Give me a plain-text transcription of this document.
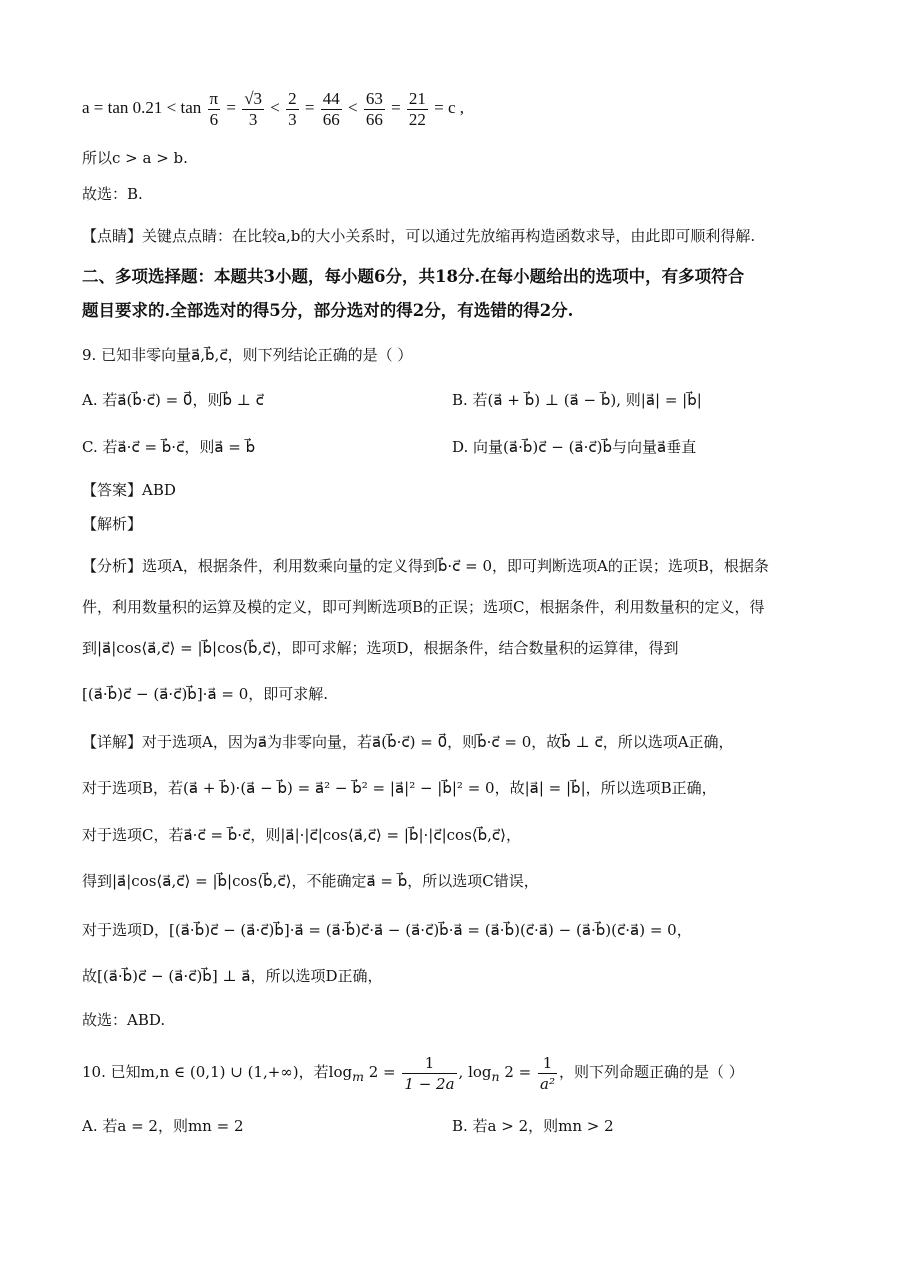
$a = \tan 0.21 < \tan \frac{\pi}{6} = \frac{√3}{3} < \frac{2}{3} = \frac{44}{66} < \frac{63}{66} = \frac{21}{22} = c$ ,
所以c > a > b.
故选：B.
【点睛】关键点点睛：在比较a,b的大小关系时，可以通过先放缩再构造函数求导，由此即可顺利得解.
二、多项选择题：本题共3小题，每小题6分，共18分.在每小题给出的选项中，有多项符合
题目要求的.全部选对的得5分，部分选对的得2分，有选错的得2分.
9. 已知非零向量a⃗,b⃗,c⃗，则下列结论正确的是（ ）
A. 若a⃗(b⃗·c⃗) = 0⃗，则b⃗ ⊥ c⃗	B. 若(a⃗ + b⃗) ⊥ (a⃗ − b⃗), 则|a⃗| = |b⃗|
C. 若a⃗·c⃗ = b⃗·c⃗，则a⃗ = b⃗	D. 向量(a⃗·b⃗)c⃗ − (a⃗·c⃗)b⃗与向量a⃗垂直
【答案】ABD
【解析】
【分析】选项A，根据条件，利用数乘向量的定义得到b⃗·c⃗ = 0，即可判断选项A的正误；选项B，根据条
件，利用数量积的运算及模的定义，即可判断选项B的正误；选项C，根据条件，利用数量积的定义，得
到|a⃗|cos⟨a⃗,c⃗⟩ = |b⃗|cos⟨b⃗,c⃗⟩，即可求解；选项D，根据条件，结合数量积的运算律，得到
[(a⃗·b⃗)c⃗ − (a⃗·c⃗)b⃗]·a⃗ = 0，即可求解.
【详解】对于选项A，因为a⃗为非零向量，若a⃗(b⃗·c⃗) = 0⃗，则b⃗·c⃗ = 0，故b⃗ ⊥ c⃗，所以选项A正确，
对于选项B，若(a⃗ + b⃗)·(a⃗ − b⃗) = a⃗² − b⃗² = |a⃗|² − |b⃗|² = 0，故|a⃗| = |b⃗|，所以选项B正确，
对于选项C，若a⃗·c⃗ = b⃗·c⃗，则|a⃗|·|c⃗|cos⟨a⃗,c⃗⟩ = |b⃗|·|c⃗|cos⟨b⃗,c⃗⟩，
得到|a⃗|cos⟨a⃗,c⃗⟩ = |b⃗|cos⟨b⃗,c⃗⟩，不能确定a⃗ = b⃗，所以选项C错误，
对于选项D，[(a⃗·b⃗)c⃗ − (a⃗·c⃗)b⃗]·a⃗ = (a⃗·b⃗)c⃗·a⃗ − (a⃗·c⃗)b⃗·a⃗ = (a⃗·b⃗)(c⃗·a⃗) − (a⃗·b⃗)(c⃗·a⃗) = 0，
故[(a⃗·b⃗)c⃗ − (a⃗·c⃗)b⃗] ⊥ a⃗，所以选项D正确，
故选：ABD.
10. 已知m,n ∈ (0,1) ∪ (1,+∞)，若$\log_m 2 = \frac{1}{1 - 2a}$ , $\log_n 2 = \frac{1}{\text{a²}}$ ，则下列命题正确的是（ ）
A. 若a = 2，则mn = 2	B. 若a > 2，则mn > 2
